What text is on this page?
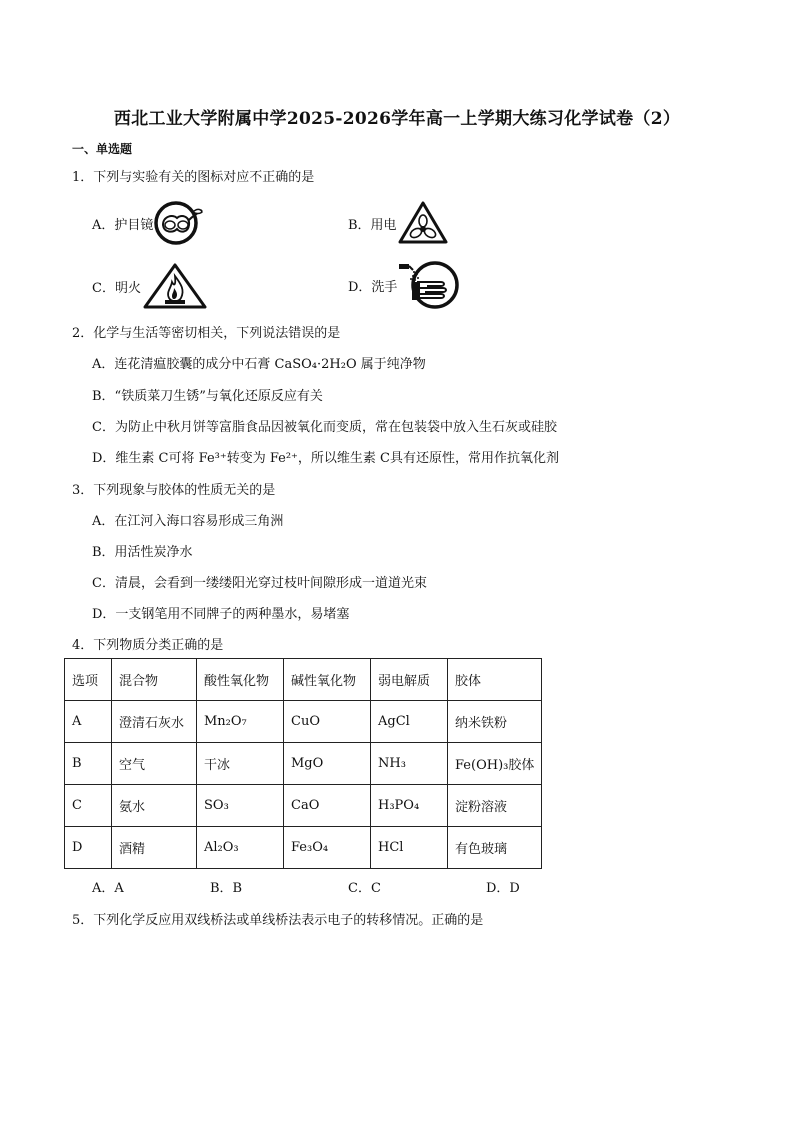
西北工业大学附属中学2025-2026学年高一上学期大练习化学试卷（2）
一、单选题
1．下列与实验有关的图标对应不正确的是
A．护目镜	B．用电
C．明火	D．洗手
2．化学与生活等密切相关，下列说法错误的是
A．连花清瘟胶囊的成分中石膏 CaSO₄·2H₂O 属于纯净物
B．“铁质菜刀生锈”与氧化还原反应有关
C．为防止中秋月饼等富脂食品因被氧化而变质，常在包装袋中放入生石灰或硅胶
D．维生素 C可将 Fe³⁺转变为 Fe²⁺，所以维生素 C具有还原性，常用作抗氧化剂
3．下列现象与胶体的性质无关的是
A．在江河入海口容易形成三角洲
B．用活性炭净水
C．清晨，会看到一缕缕阳光穿过枝叶间隙形成一道道光束
D．一支钢笔用不同牌子的两种墨水，易堵塞
4．下列物质分类正确的是
选项	混合物	酸性氧化物	碱性氧化物	弱电解质	胶体
A	澄清石灰水	Mn₂O₇	CuO	AgCl	纳米铁粉
B	空气	干冰	MgO	NH₃	Fe(OH)₃胶体
C	氨水	SO₃	CaO	H₃PO₄	淀粉溶液
D	酒精	Al₂O₃	Fe₃O₄	HCl	有色玻璃
A．A	B．B	C．C	D．D
5．下列化学反应用双线桥法或单线桥法表示电子的转移情况。正确的是
